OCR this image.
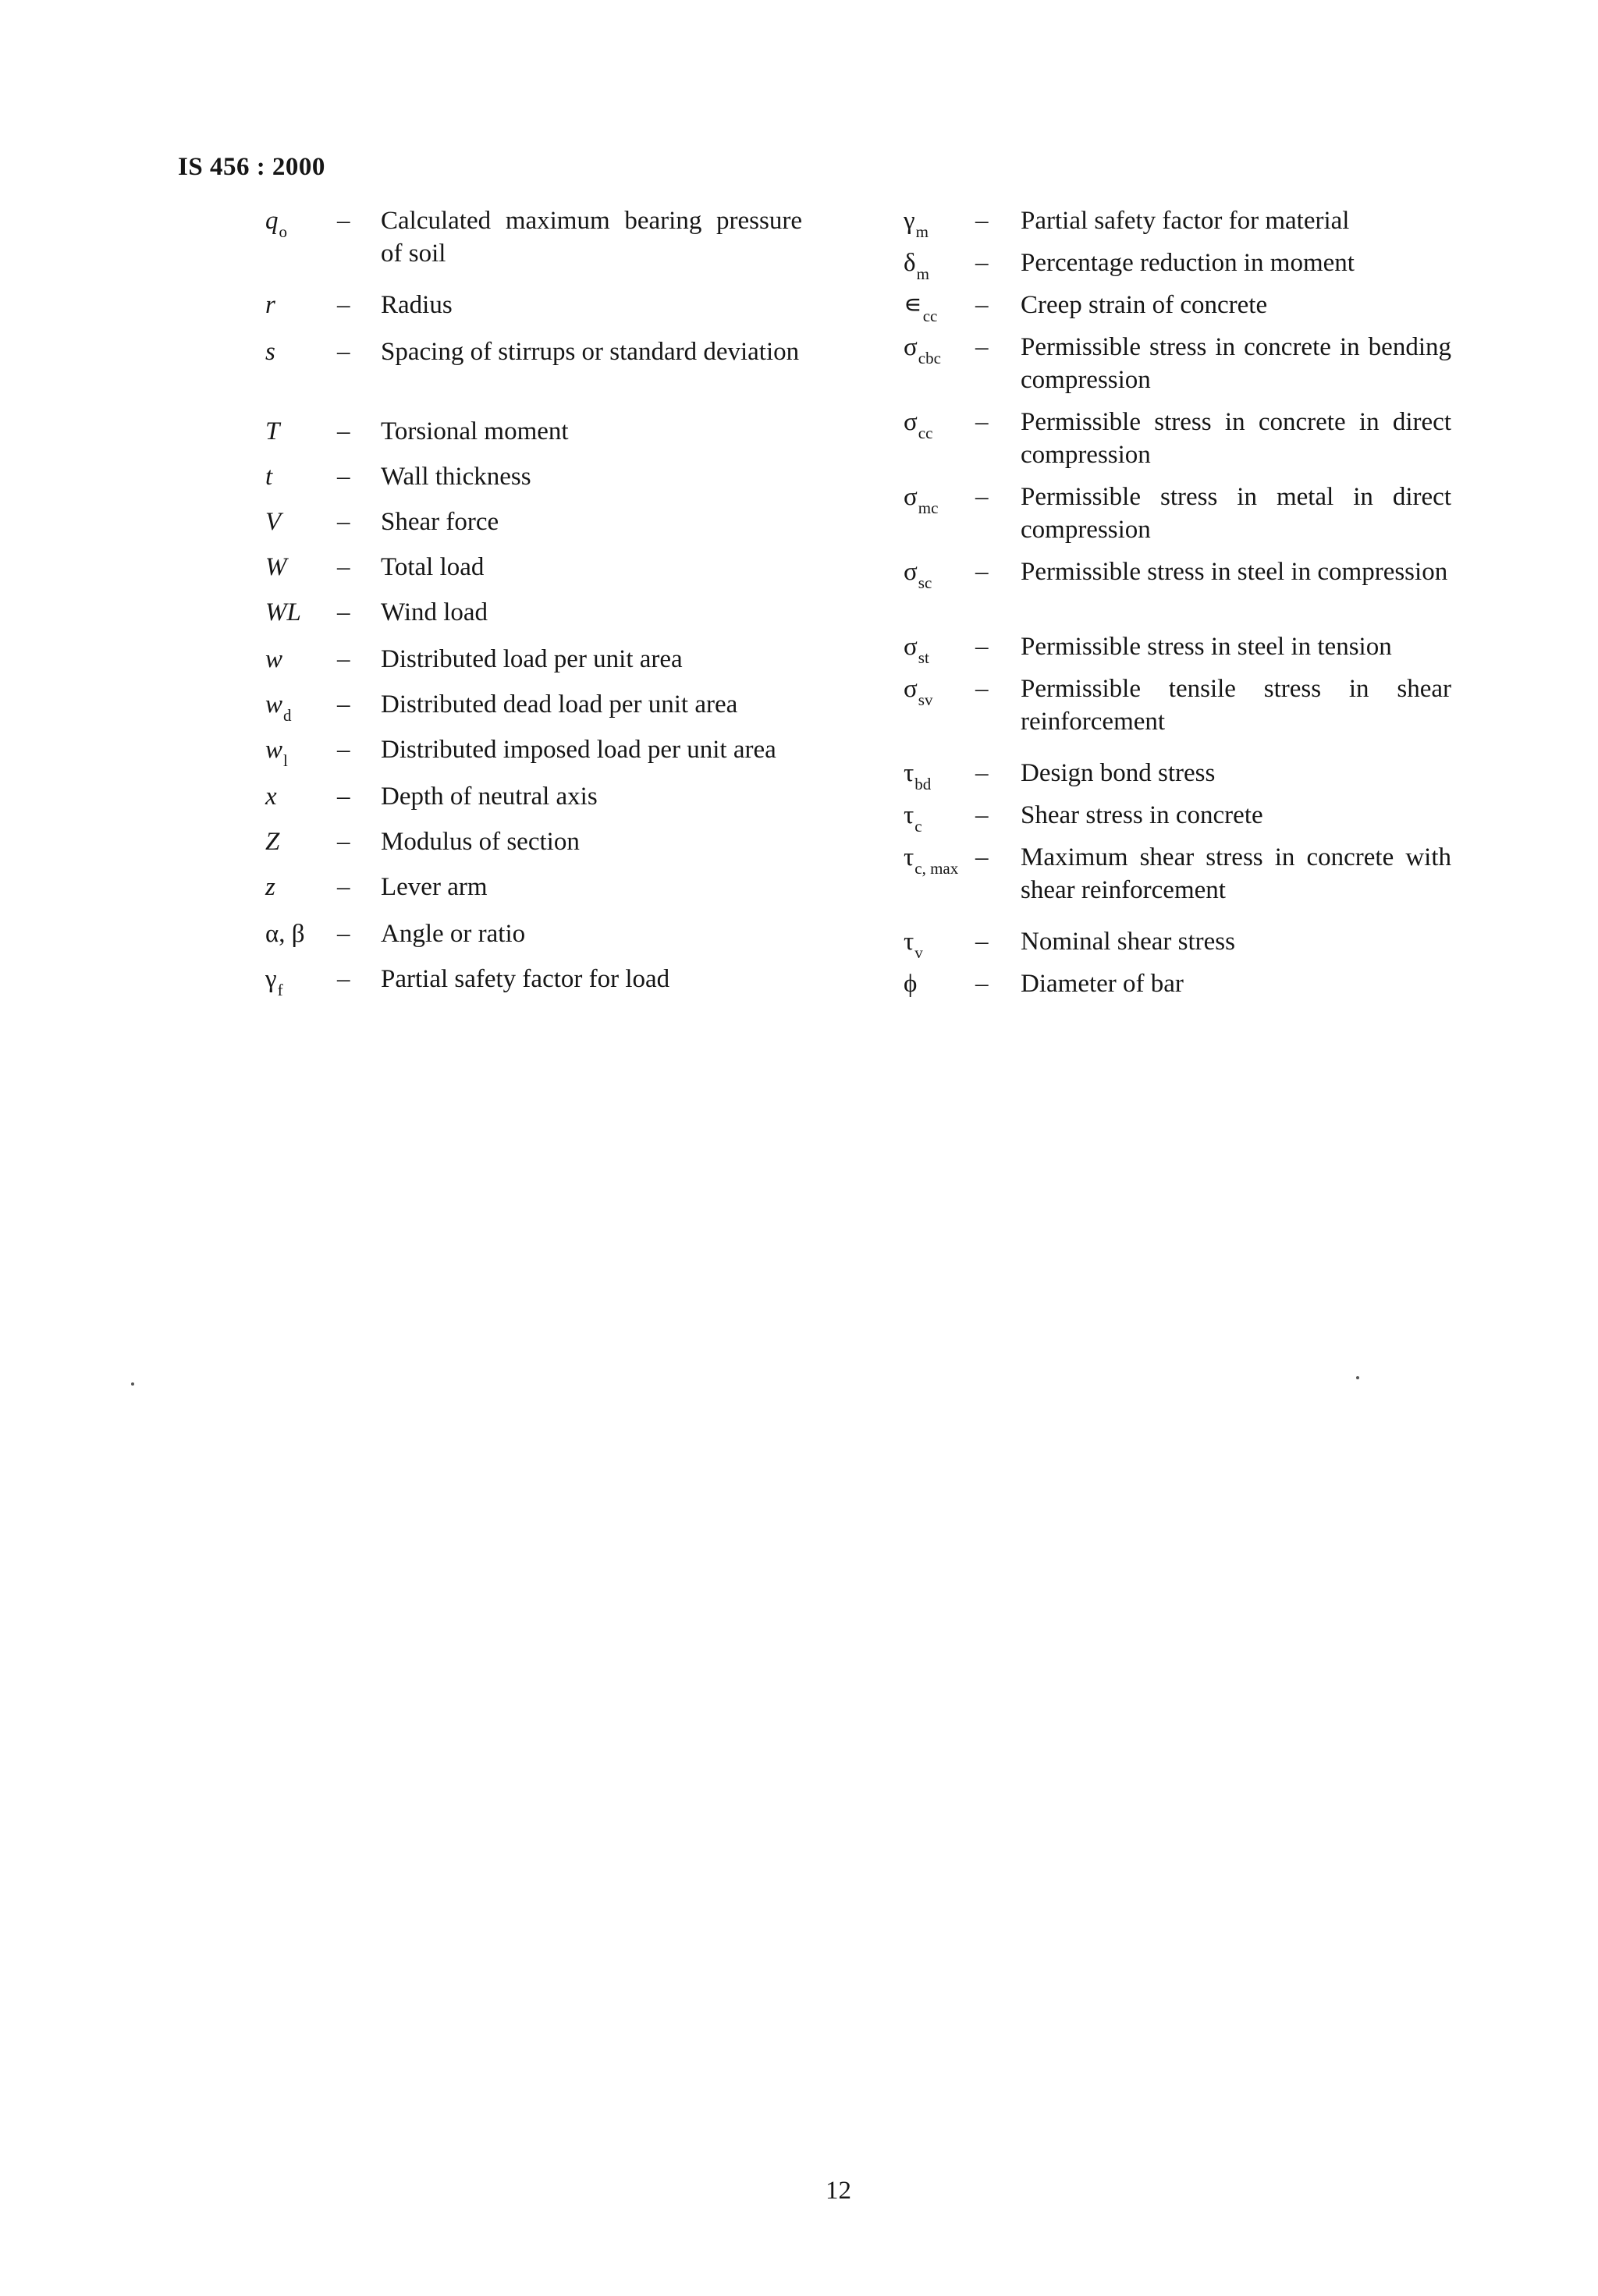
IS 456 : 2000
$q_o$	– Calculated maximum bearing pressure of soil
r	– Radius
s	– Spacing of stirrups or standard deviation
T	– Torsional moment
t	– Wall thickness
V	– Shear force
W	– Total load
WL	– Wind load
w	– Distributed load per unit area
$w_d$	– Distributed dead load per unit area
$w_l$	– Distributed imposed load per unit area
x	– Depth of neutral axis
Z	– Modulus of section
z	– Lever arm
α, β	– Angle or ratio
$\gamma_f$	– Partial safety factor for load
$\gamma_m$	– Partial safety factor for material
$\delta_m$	– Percentage reduction in moment
$∊_{cc}$	– Creep strain of concrete
$\sigma_{cbc}$	– Permissible stress in concrete in bending compression
$\sigma_{cc}$	– Permissible stress in concrete in direct compression
$\sigma_{mc}$	– Permissible stress in metal in direct compression
$\sigma_{sc}$	– Permissible stress in steel in compression
$\sigma_{st}$	– Permissible stress in steel in tension
$\sigma_{sv}$	– Permissible tensile stress in shear reinforcement
$\tau_{bd}$	– Design bond stress
$\tau_c$	– Shear stress in concrete
$\tau_{c, max}$ – Maximum shear stress in concrete with shear reinforcement
$\tau_v$	– Nominal shear stress
ϕ	– Diameter of bar
12
